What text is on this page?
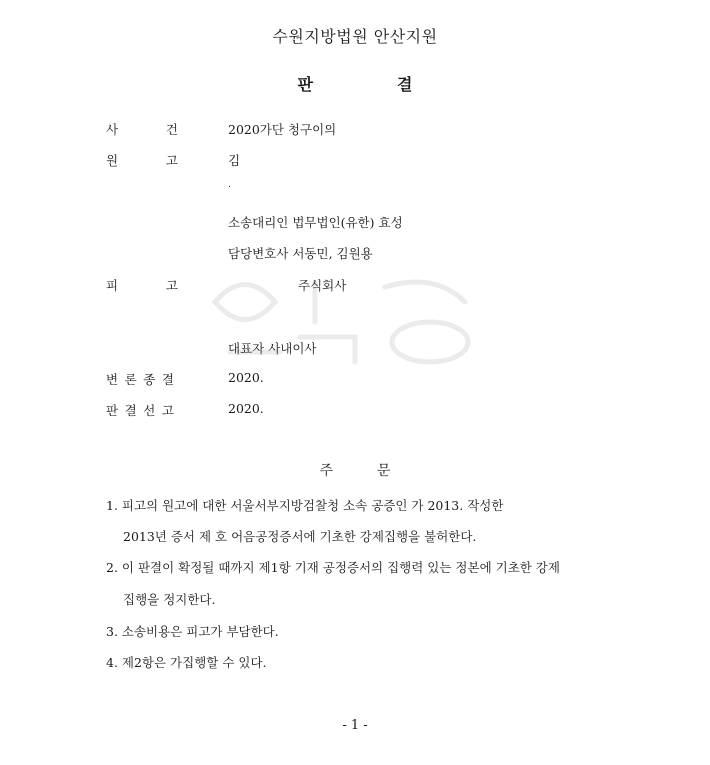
수원지방법원 안산지원
판	결
사	건	2020가단 청구이의
원	고	김
.
소송대리인 법무법인(유한) 효성
담당변호사 서동민, 김원용
피	고	주식회사
대표자 사내이사
변 론 종 결	2020.
판 결 선 고	2020.
주	문
1. 피고의 원고에 대한 서울서부지방검찰청 소속 공증인 가 2013. 작성한
2013년 증서 제 호 어음공정증서에 기초한 강제집행을 불허한다.
2. 이 판결이 확정될 때까지 제1항 기재 공정증서의 집행력 있는 정본에 기초한 강제
집행을 정지한다.
3. 소송비용은 피고가 부담한다.
4. 제2항은 가집행할 수 있다.
- 1 -
